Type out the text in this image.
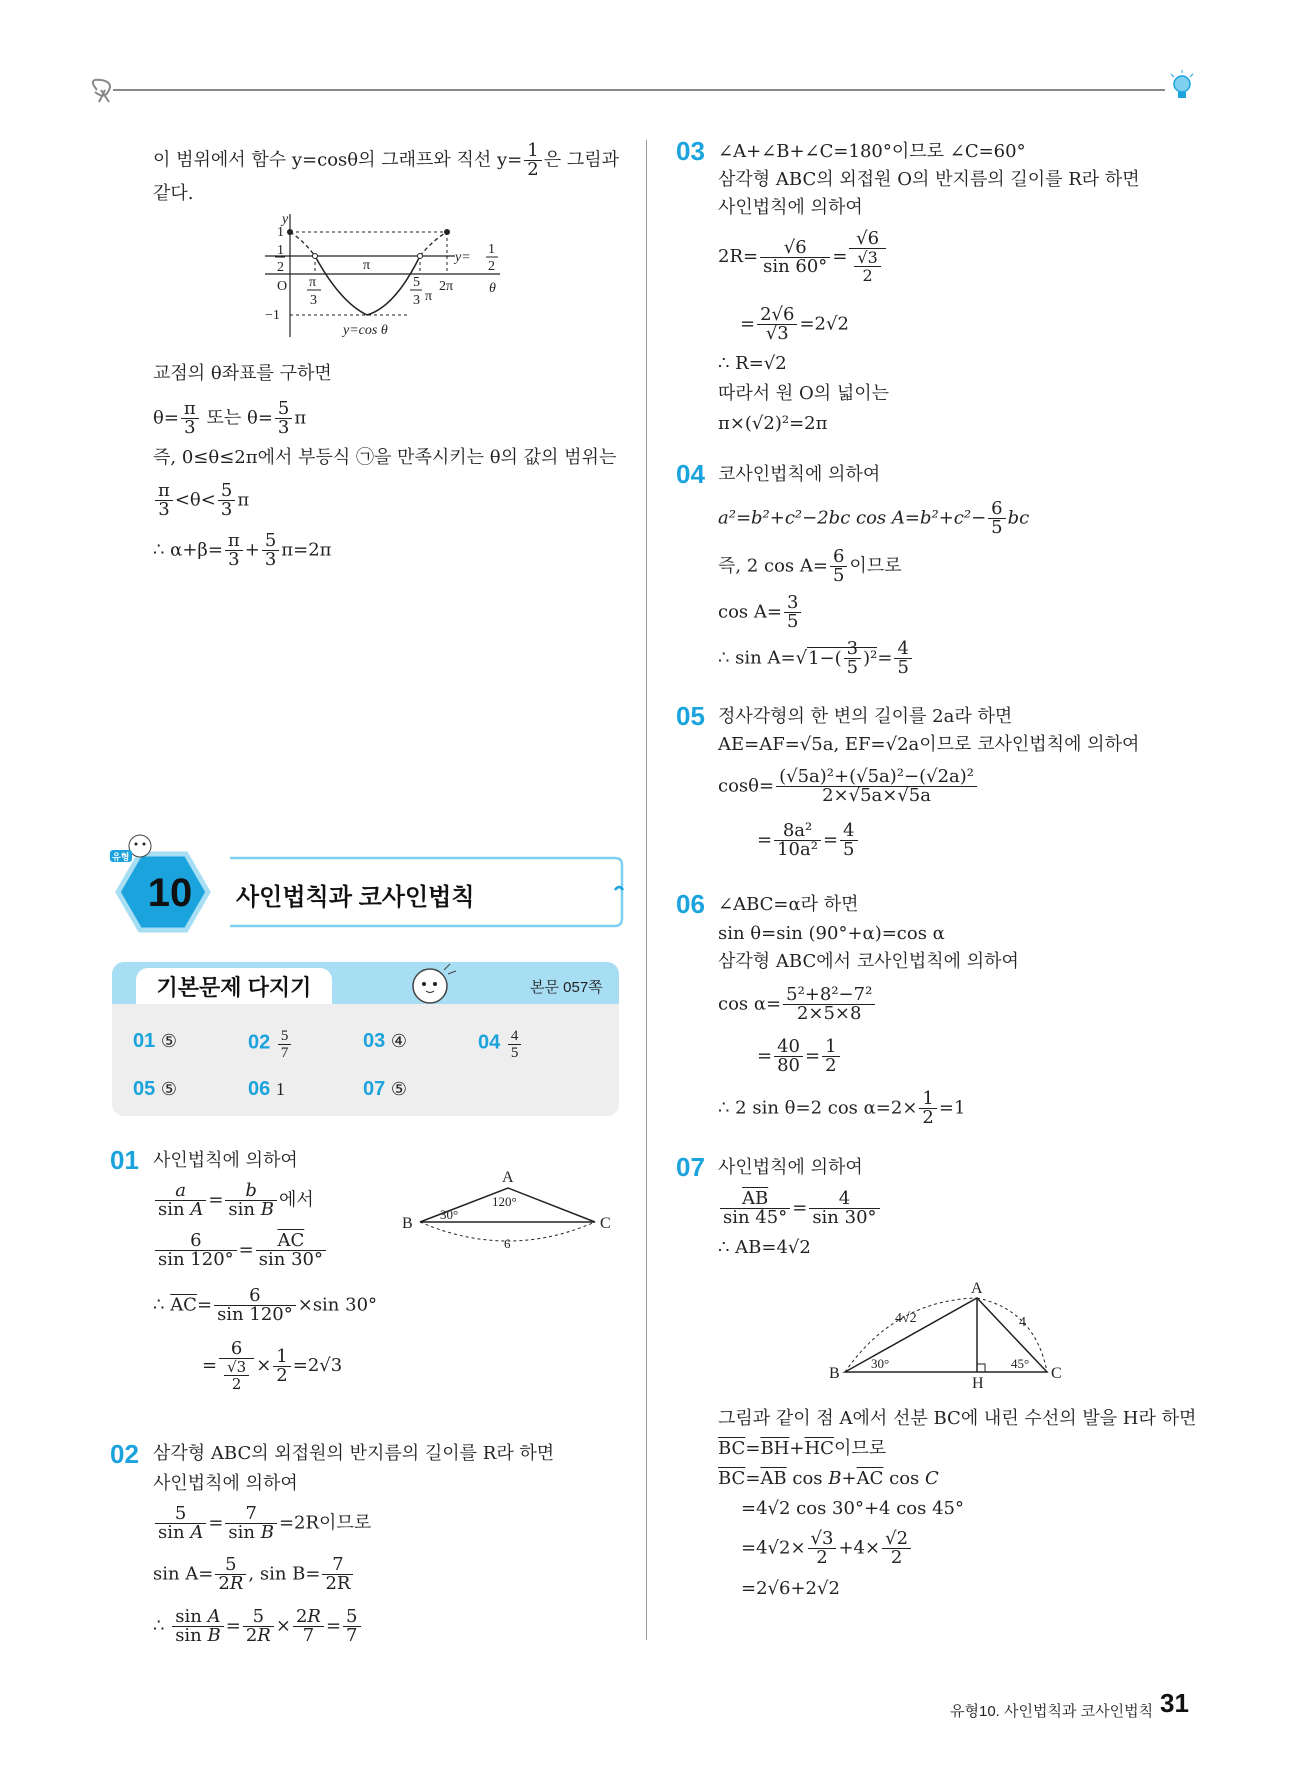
이 범위에서 함수 y=cosθ의 그래프와 직선 $y= \frac{1}{2}$ 은 그림과
같다.
y
1
1
2
O
−1
π
3
π
5
3 π
2π	θ
y=
1
2
y=cos θ
교점의 θ좌표를 구하면
$\theta= \frac{\pi}{3}$ 또는 $\theta= \frac{5}{3}$ π
즉, 0≤θ≤2π에서 부등식 ㉠을 만족시키는 θ의 값의 범위는
$\frac{\pi}{3} <\theta< \frac{5}{3}$ π
∴ $\alpha+\beta= \frac{\pi}{3} + \frac{5}{3} \pi=2\pi$
유형
10	사인법칙과 코사인법칙
기본문제 다지기	본문 057쪽
01 ⑤	$02 \frac{5}{7}$	03 ④	$04 \frac{4}{5}$
05 ⑤	06 1	07 ⑤
01 사인법칙에 의하여
$\frac{a}{\text{sin A}} = \frac{b}{\text{sin B}}$ 에서
$\frac{6}{\sin 120^\circ} = \frac{\overline{AC}}{\sin 30^\circ}$
∴ $\overline{AC}= \frac{6}{\sin 120^\circ} \times\sin$ 30°
= $\frac{6}{\frac{√3}{2}} \times \frac{1}{2} =2√3$
A
B	C
120°
30°
6
02 삼각형 ABC의 외접원의 반지름의 길이를 R라 하면
사인법칙에 의하여
$\frac{5}{\text{sin A}} = \frac{7}{\text{sin B}} =2R$이므로
$\sin A= \frac{5}{2R}$ , $\sin B= \frac{7}{2R}$
∴ $\frac{\text{sin A}}{\text{sin B}} = \frac{5}{2R} \times \frac{2R}{7} = \frac{5}{7}$
03 ∠A+∠B+∠C=180°이므로 ∠C=60°
삼각형 ABC의 외접원 O의 반지름의 길이를 R라 하면
사인법칙에 의하여
$2R= \frac{√6}{\sin 60^\circ} = \frac{√6}{\frac{√3}{2}}$
= $\frac{2√6}{√3} =2√2$
∴ R=√2
따라서 원 O의 넓이는
π×(√2)²=2π
04 코사인법칙에 의하여
a²=b²+c²−2bc $\cos A=b^2+c^2- \frac{6}{5}$ bc
즉, 2 $\cos A= \frac{6}{5}$ 이므로
$\cos A= \frac{3}{5}$
∴ $\sin A=√1-( \frac{3}{5} )^2= \frac{4}{5}$
05 정사각형의 한 변의 길이를 2a라 하면
AE=AF=√5a, EF=√2a이므로 코사인법칙에 의하여
$\cos\theta= \frac{\text{(√5a)²+(√5a)²−(√2a)²}}{2\times√5a\times√5a}$
= $\frac{\text{8a²}}{\text{10a²}} = \frac{4}{5}$
06 ∠ABC=α라 하면
sin θ=sin (90°+α)=cos α
삼각형 ABC에서 코사인법칙에 의하여
$\cos \alpha= \frac{\text{5²+8²−7²}}{2\times 5\times 8}$
= $\frac{40}{80} = \frac{1}{2}$
∴ 2 sin θ=2 $\cos \alpha=2\times \frac{1}{2} =1$
07 사인법칙에 의하여
$\frac{\overline{AB}}{\sin 45^\circ} = \frac{4}{\sin 30^\circ}$
∴ AB=4√2
A
B	C
H
4√2	4
30°	45°
그림과 같이 점 A에서 선분 BC에 내린 수선의 발을 H라 하면
$\overline{BC}=\overline{BH}+\overline{HC}$이므로
$\overline{BC}=\overline{AB}$ $\cos B+\overline{AC}$ cos C
=4√2 cos 30°+4 cos 45°
$=4√2\times \frac{√3}{2} +4\times \frac{√2}{2}$
=2√6+2√2
유형10. 사인법칙과 코사인법칙 31
